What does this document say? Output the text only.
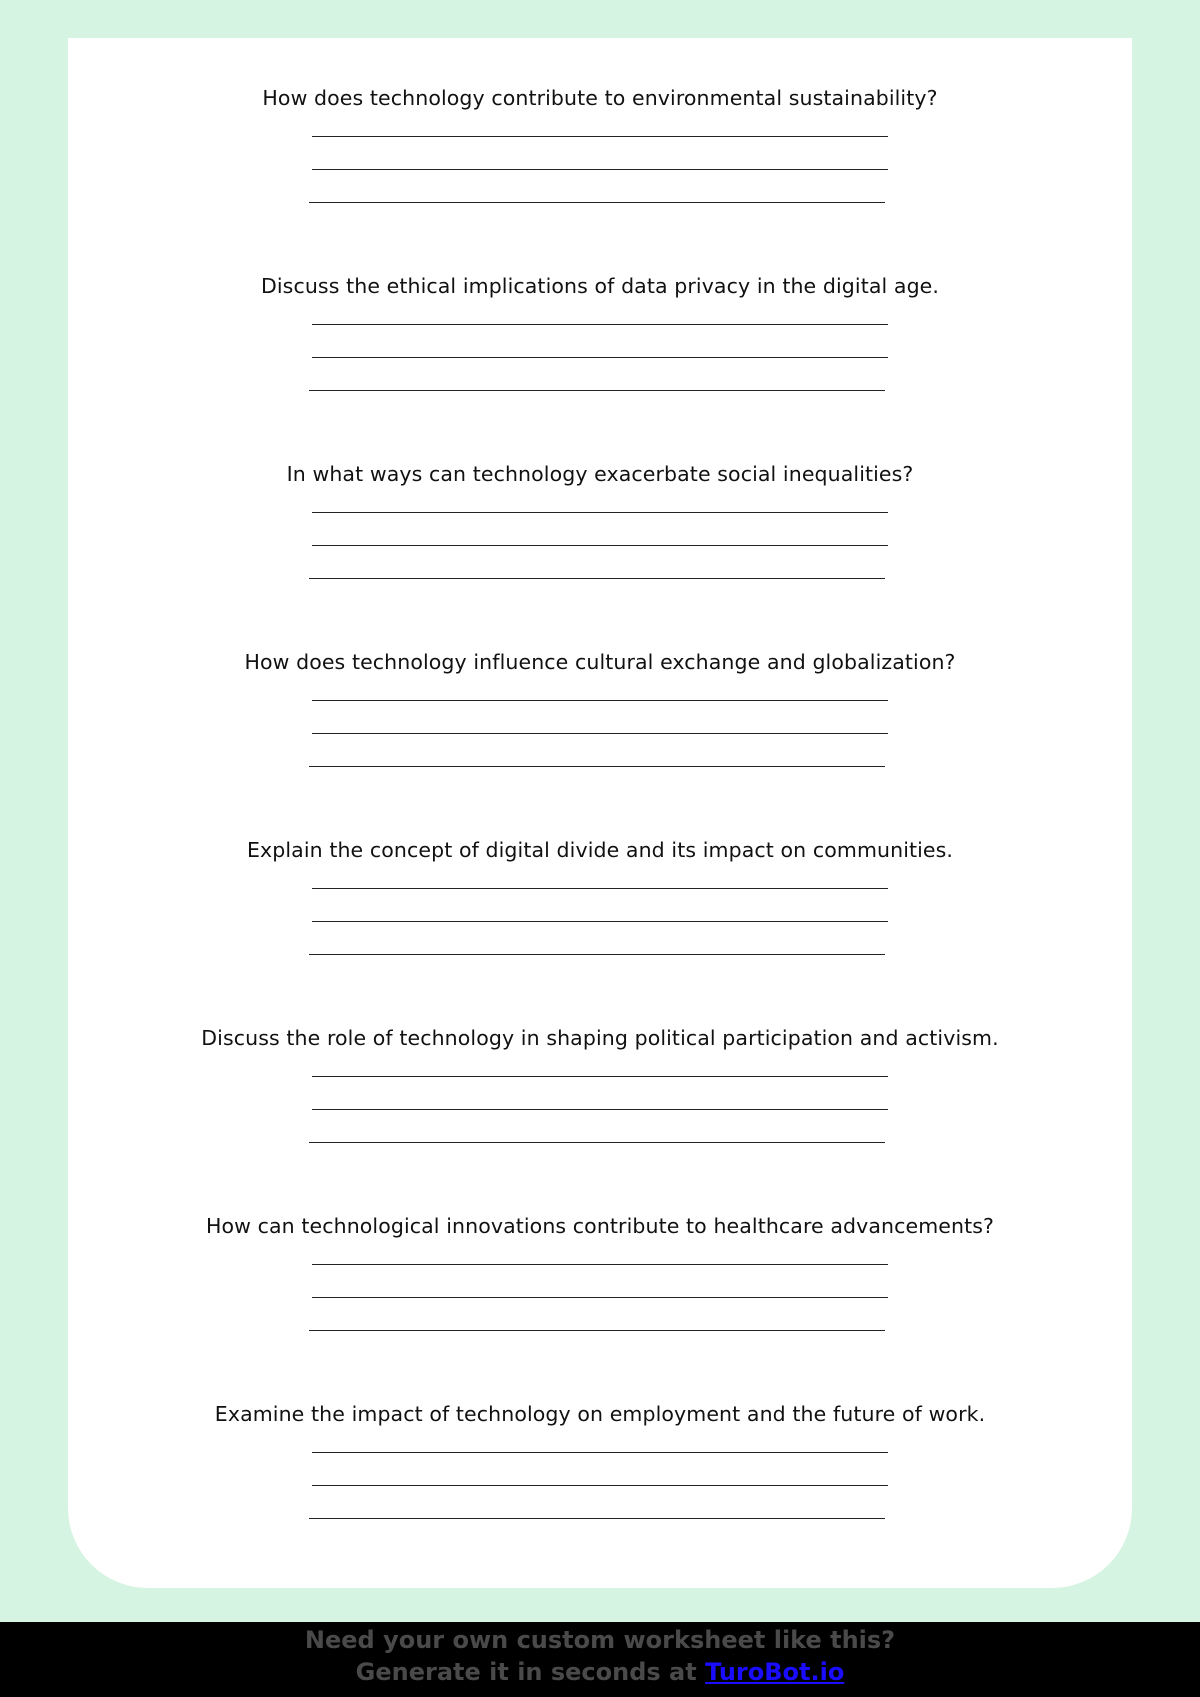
How does technology contribute to environmental sustainability?
Discuss the ethical implications of data privacy in the digital age.
In what ways can technology exacerbate social inequalities?
How does technology influence cultural exchange and globalization?
Explain the concept of digital divide and its impact on communities.
Discuss the role of technology in shaping political participation and activism.
How can technological innovations contribute to healthcare advancements?
Examine the impact of technology on employment and the future of work.
Need your own custom worksheet like this?
Generate it in seconds at TuroBot.io
